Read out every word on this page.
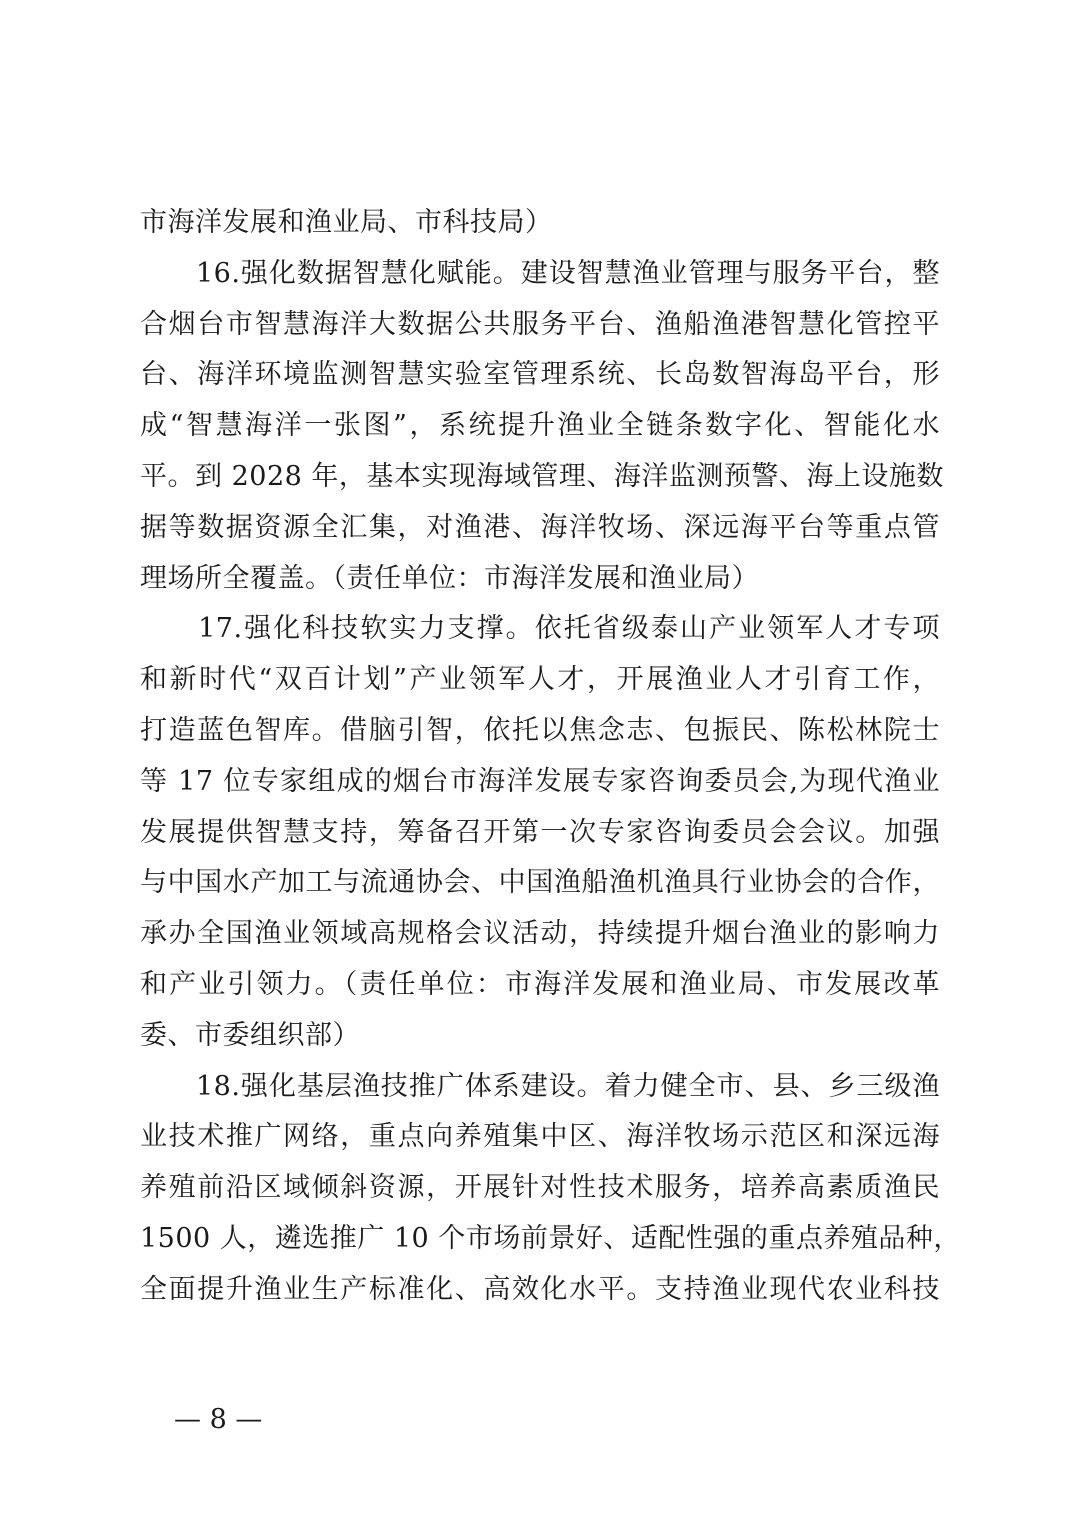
市海洋发展和渔业局、市科技局）
　　16.强化数据智慧化赋能。建设智慧渔业管理与服务平台，整
合烟台市智慧海洋大数据公共服务平台、渔船渔港智慧化管控平
台、海洋环境监测智慧实验室管理系统、长岛数智海岛平台，形
成“智慧海洋一张图”，系统提升渔业全链条数字化、智能化水
平。到 2028 年，基本实现海域管理、海洋监测预警、海上设施数
据等数据资源全汇集，对渔港、海洋牧场、深远海平台等重点管
理场所全覆盖。（责任单位：市海洋发展和渔业局）
　　17.强化科技软实力支撑。依托省级泰山产业领军人才专项
和新时代“双百计划”产业领军人才，开展渔业人才引育工作，
打造蓝色智库。借脑引智，依托以焦念志、包振民、陈松林院士
等 17 位专家组成的烟台市海洋发展专家咨询委员会,为现代渔业
发展提供智慧支持，筹备召开第一次专家咨询委员会会议。加强
与中国水产加工与流通协会、中国渔船渔机渔具行业协会的合作，
承办全国渔业领域高规格会议活动，持续提升烟台渔业的影响力
和产业引领力。（责任单位：市海洋发展和渔业局、市发展改革
委、市委组织部）
　　18.强化基层渔技推广体系建设。着力健全市、县、乡三级渔
业技术推广网络，重点向养殖集中区、海洋牧场示范区和深远海
养殖前沿区域倾斜资源，开展针对性技术服务，培养高素质渔民
1500 人，遴选推广 10 个市场前景好、适配性强的重点养殖品种，
全面提升渔业生产标准化、高效化水平。支持渔业现代农业科技
— 8 —
